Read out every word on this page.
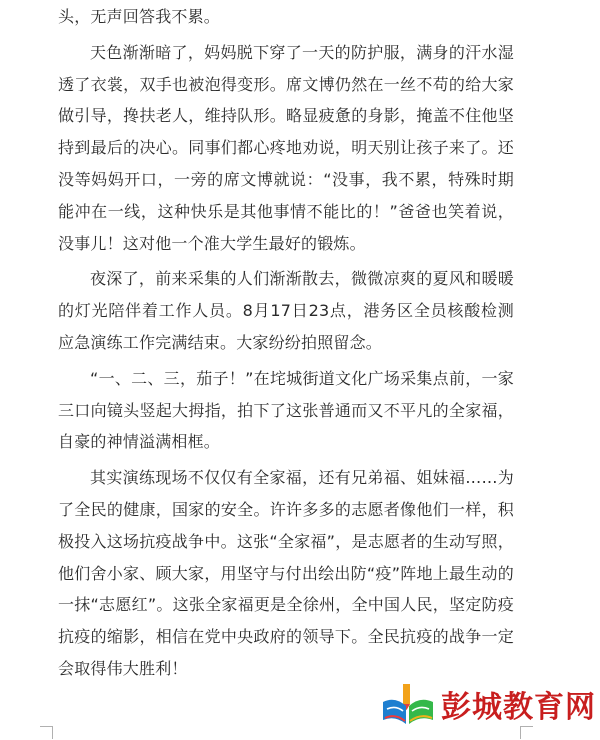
头，无声回答我不累。

天色渐渐暗了，妈妈脱下穿了一天的防护服，满身的汗水湿透了衣裳，双手也被泡得变形。席文博仍然在一丝不苟的给大家做引导，搀扶老人，维持队形。略显疲惫的身影，掩盖不住他坚持到最后的决心。同事们都心疼地劝说，明天别让孩子来了。还没等妈妈开口，一旁的席文博就说：“没事，我不累，特殊时期能冲在一线，这种快乐是其他事情不能比的！”爸爸也笑着说，没事儿！这对他一个准大学生最好的锻炼。

夜深了，前来采集的人们渐渐散去，微微凉爽的夏风和暖暖的灯光陪伴着工作人员。8月17日23点，港务区全员核酸检测应急演练工作完满结束。大家纷纷拍照留念。

“一、二、三，茄子！”在垞城街道文化广场采集点前，一家三口向镜头竖起大拇指，拍下了这张普通而又不平凡的全家福，自豪的神情溢满相框。

其实演练现场不仅仅有全家福，还有兄弟福、姐妹福……为了全民的健康，国家的安全。许许多多的志愿者像他们一样，积极投入这场抗疫战争中。这张“全家福”，是志愿者的生动写照，他们舍小家、顾大家，用坚守与付出绘出防“疫”阵地上最生动的一抹“志愿红”。这张全家福更是全徐州，全中国人民，坚定防疫抗疫的缩影，相信在党中央政府的领导下。全民抗疫的战争一定会取得伟大胜利！

彭城教育网
